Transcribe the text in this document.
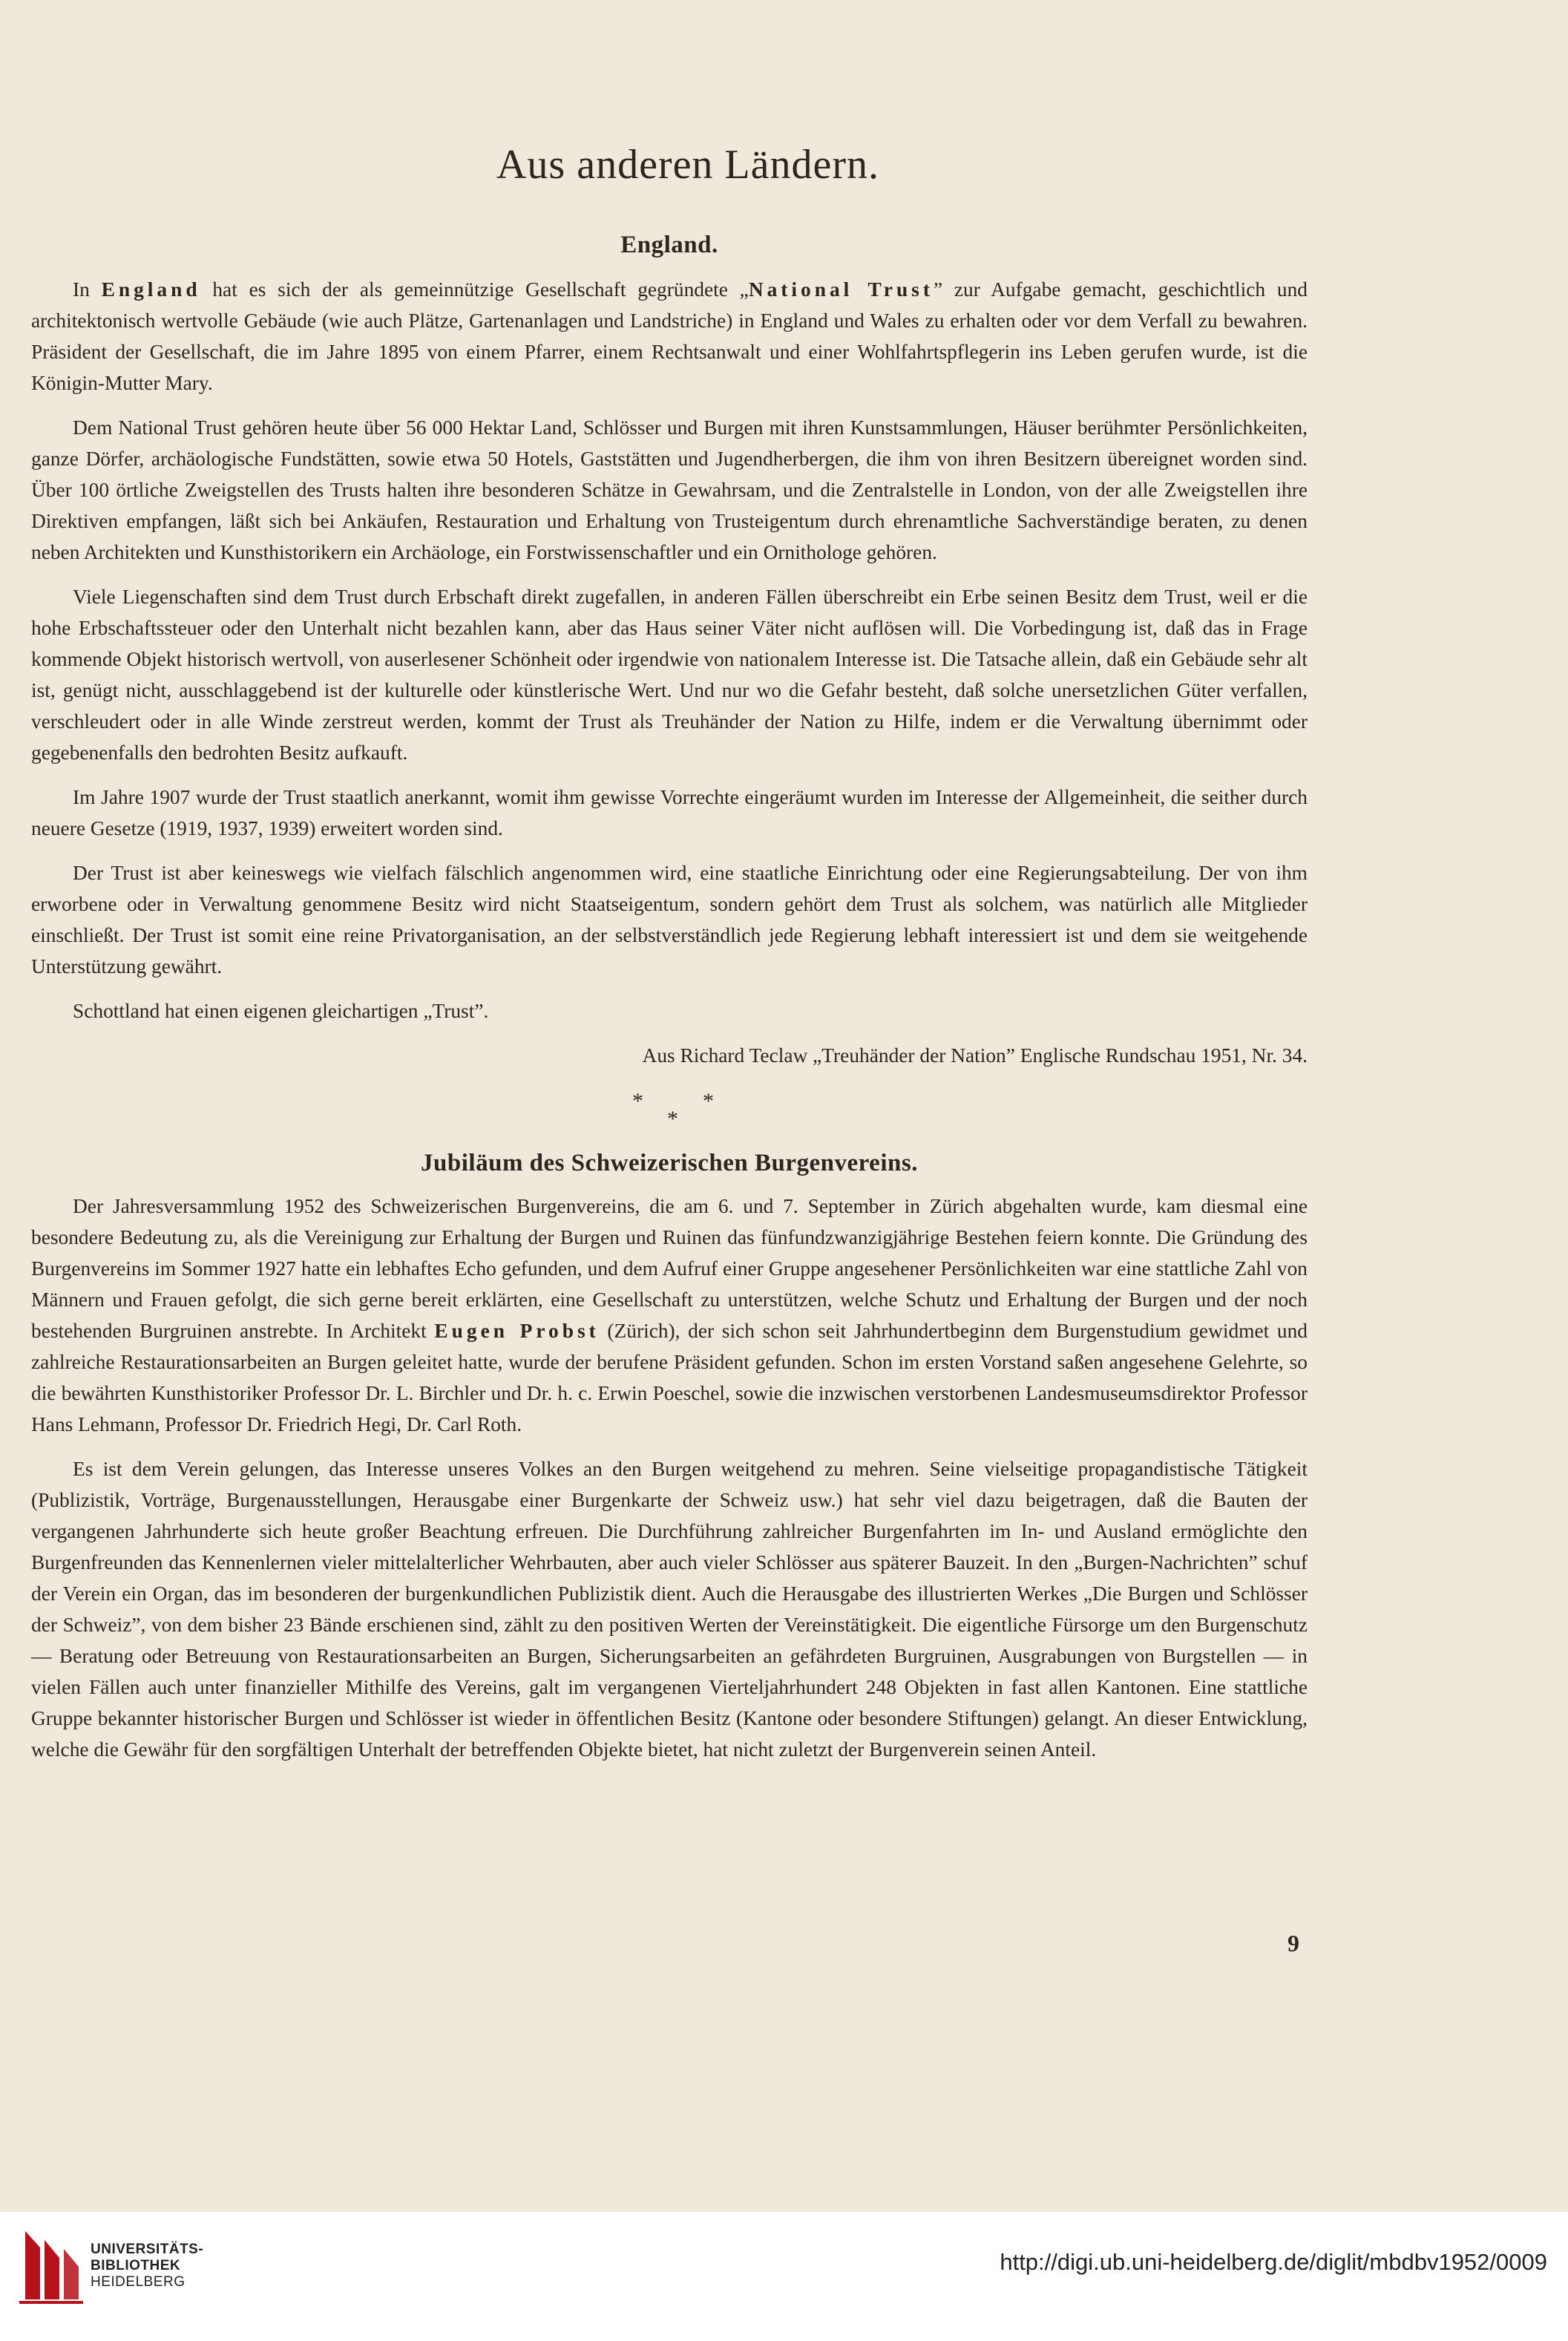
Aus anderen Ländern.
England.

In England hat es sich der als gemeinnützige Gesellschaft gegründete „National Trust” zur Aufgabe gemacht, geschichtlich und architektonisch wertvolle Gebäude (wie auch Plätze, Gartenanlagen und Landstriche) in England und Wales zu erhalten oder vor dem Verfall zu bewahren. Präsident der Gesellschaft, die im Jahre 1895 von einem Pfarrer, einem Rechtsanwalt und einer Wohlfahrtspflegerin ins Leben gerufen wurde, ist die Königin-Mutter Mary.

Dem National Trust gehören heute über 56 000 Hektar Land, Schlösser und Burgen mit ihren Kunstsammlungen, Häuser berühmter Persönlichkeiten, ganze Dörfer, archäologische Fundstätten, sowie etwa 50 Hotels, Gaststätten und Jugendherbergen, die ihm von ihren Besitzern übereignet worden sind. Über 100 örtliche Zweigstellen des Trusts halten ihre besonderen Schätze in Gewahrsam, und die Zentralstelle in London, von der alle Zweigstellen ihre Direktiven empfangen, läßt sich bei Ankäufen, Restauration und Erhaltung von Trusteigentum durch ehrenamtliche Sachverständige beraten, zu denen neben Architekten und Kunsthistorikern ein Archäologe, ein Forstwissenschaftler und ein Ornithologe gehören.

Viele Liegenschaften sind dem Trust durch Erbschaft direkt zugefallen, in anderen Fällen überschreibt ein Erbe seinen Besitz dem Trust, weil er die hohe Erbschaftssteuer oder den Unterhalt nicht bezahlen kann, aber das Haus seiner Väter nicht auflösen will. Die Vorbedingung ist, daß das in Frage kommende Objekt historisch wertvoll, von auserlesener Schönheit oder irgendwie von nationalem Interesse ist. Die Tatsache allein, daß ein Gebäude sehr alt ist, genügt nicht, ausschlaggebend ist der kulturelle oder künstlerische Wert. Und nur wo die Gefahr besteht, daß solche unersetzlichen Güter verfallen, verschleudert oder in alle Winde zerstreut werden, kommt der Trust als Treuhänder der Nation zu Hilfe, indem er die Verwaltung übernimmt oder gegebenenfalls den bedrohten Besitz aufkauft.

Im Jahre 1907 wurde der Trust staatlich anerkannt, womit ihm gewisse Vorrechte eingeräumt wurden im Interesse der Allgemeinheit, die seither durch neuere Gesetze (1919, 1937, 1939) erweitert worden sind.

Der Trust ist aber keineswegs wie vielfach fälschlich angenommen wird, eine staatliche Einrichtung oder eine Regierungsabteilung. Der von ihm erworbene oder in Verwaltung genommene Besitz wird nicht Staatseigentum, sondern gehört dem Trust als solchem, was natürlich alle Mitglieder einschließt. Der Trust ist somit eine reine Privatorganisation, an der selbstverständlich jede Regierung lebhaft interessiert ist und dem sie weitgehende Unterstützung gewährt.

Schottland hat einen eigenen gleichartigen „Trust”.

Aus Richard Teclaw „Treuhänder der Nation” Englische Rundschau 1951, Nr. 34.

*	*
*
Jubiläum des Schweizerischen Burgenvereins.

Der Jahresversammlung 1952 des Schweizerischen Burgenvereins, die am 6. und 7. September in Zürich abgehalten wurde, kam diesmal eine besondere Bedeutung zu, als die Vereinigung zur Erhaltung der Burgen und Ruinen das fünfundzwanzigjährige Bestehen feiern konnte. Die Gründung des Burgenvereins im Sommer 1927 hatte ein lebhaftes Echo gefunden, und dem Aufruf einer Gruppe angesehener Persönlichkeiten war eine stattliche Zahl von Männern und Frauen gefolgt, die sich gerne bereit erklärten, eine Gesellschaft zu unterstützen, welche Schutz und Erhaltung der Burgen und der noch bestehenden Burgruinen anstrebte. In Architekt Eugen Probst (Zürich), der sich schon seit Jahrhundertbeginn dem Burgenstudium gewidmet und zahlreiche Restaurationsarbeiten an Burgen geleitet hatte, wurde der berufene Präsident gefunden. Schon im ersten Vorstand saßen angesehene Gelehrte, so die bewährten Kunsthistoriker Professor Dr. L. Birchler und Dr. h. c. Erwin Poeschel, sowie die inzwischen verstorbenen Landesmuseumsdirektor Professor Hans Lehmann, Professor Dr. Friedrich Hegi, Dr. Carl Roth.

Es ist dem Verein gelungen, das Interesse unseres Volkes an den Burgen weitgehend zu mehren. Seine vielseitige propagandistische Tätigkeit (Publizistik, Vorträge, Burgenausstellungen, Herausgabe einer Burgenkarte der Schweiz usw.) hat sehr viel dazu beigetragen, daß die Bauten der vergangenen Jahrhunderte sich heute großer Beachtung erfreuen. Die Durchführung zahlreicher Burgenfahrten im In- und Ausland ermöglichte den Burgenfreunden das Kennenlernen vieler mittelalterlicher Wehrbauten, aber auch vieler Schlösser aus späterer Bauzeit. In den „Burgen-Nachrichten” schuf der Verein ein Organ, das im besonderen der burgenkundlichen Publizistik dient. Auch die Herausgabe des illustrierten Werkes „Die Burgen und Schlösser der Schweiz”, von dem bisher 23 Bände erschienen sind, zählt zu den positiven Werten der Vereinstätigkeit. Die eigentliche Fürsorge um den Burgenschutz — Beratung oder Betreuung von Restaurationsarbeiten an Burgen, Sicherungsarbeiten an gefährdeten Burgruinen, Ausgrabungen von Burgstellen — in vielen Fällen auch unter finanzieller Mithilfe des Vereins, galt im vergangenen Vierteljahrhundert 248 Objekten in fast allen Kantonen. Eine stattliche Gruppe bekannter historischer Burgen und Schlösser ist wieder in öffentlichen Besitz (Kantone oder besondere Stiftungen) gelangt. An dieser Entwicklung, welche die Gewähr für den sorgfältigen Unterhalt der betreffenden Objekte bietet, hat nicht zuletzt der Burgenverein seinen Anteil.

9
UNIVERSITÄTS-
BIBLIOTHEK
HEIDELBERG
http://digi.ub.uni-heidelberg.de/diglit/mbdbv1952/0009
